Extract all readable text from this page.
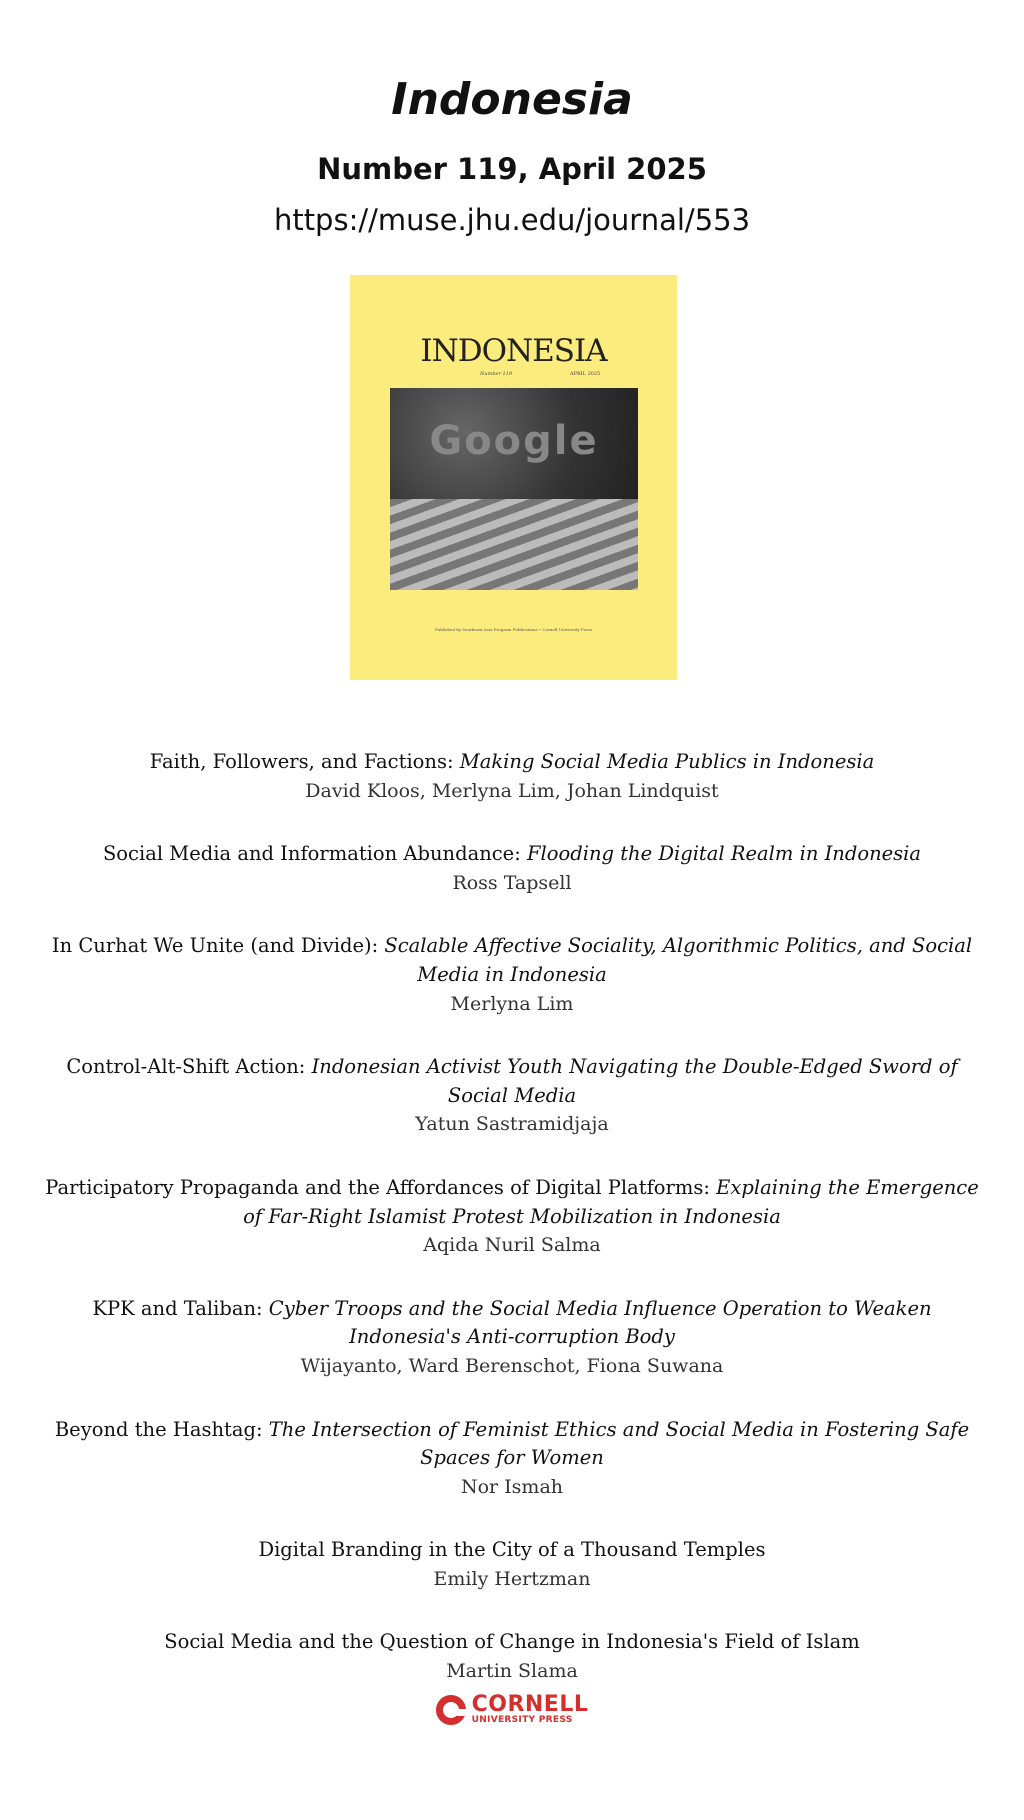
Indonesia
Number 119, April 2025
https://muse.jhu.edu/journal/553
INDONESIA
Number 119	APRIL 2025
Google
Published by Southeast Asia Program Publications • Cornell University Press
Faith, Followers, and Factions: Making Social Media Publics in Indonesia
David Kloos, Merlyna Lim, Johan Lindquist
Social Media and Information Abundance: Flooding the Digital Realm in Indonesia
Ross Tapsell
In Curhat We Unite (and Divide): Scalable Affective Sociality, Algorithmic Politics, and Social Media in Indonesia
Merlyna Lim
Control-Alt-Shift Action: Indonesian Activist Youth Navigating the Double-Edged Sword of Social Media
Yatun Sastramidjaja
Participatory Propaganda and the Affordances of Digital Platforms: Explaining the Emergence of Far-Right Islamist Protest Mobilization in Indonesia
Aqida Nuril Salma
KPK and Taliban: Cyber Troops and the Social Media Influence Operation to Weaken Indonesia's Anti-corruption Body
Wijayanto, Ward Berenschot, Fiona Suwana
Beyond the Hashtag: The Intersection of Feminist Ethics and Social Media in Fostering Safe Spaces for Women
Nor Ismah
Digital Branding in the City of a Thousand Temples
Emily Hertzman
Social Media and the Question of Change in Indonesia's Field of Islam
Martin Slama
CORNELL
UNIVERSITY PRESS
